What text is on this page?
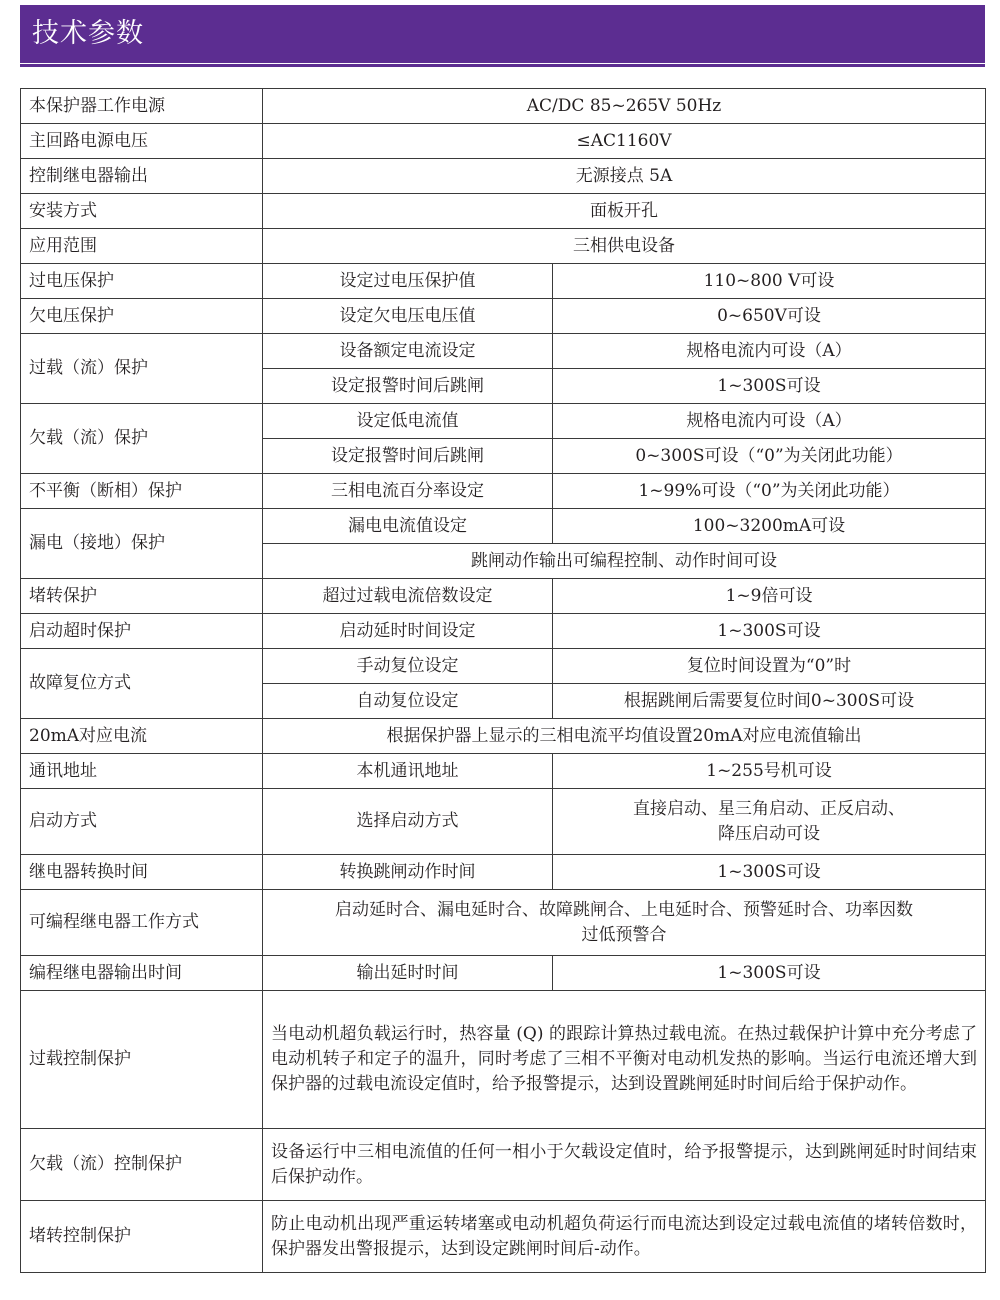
技术参数
本保护器工作电源	AC/DC 85~265V 50Hz	
主回路电源电压	≤AC1160V	
控制继电器输出	无源接点 5A	
安装方式	面板开孔	
应用范围	三相供电设备	
过电压保护	设定过电压保护值	110~800 V可设
欠电压保护	设定欠电压电压值	0~650V可设
过载（流）保护	设备额定电流设定	规格电流内可设（A）
	设定报警时间后跳闸	1~300S可设
欠载（流）保护	设定低电流值	规格电流内可设（A）
	设定报警时间后跳闸	0~300S可设（“0”为关闭此功能）
不平衡（断相）保护	三相电流百分率设定	1~99%可设（“0”为关闭此功能）
漏电（接地）保护	漏电电流值设定	100~3200mA可设
	跳闸动作输出可编程控制、动作时间可设	
堵转保护	超过过载电流倍数设定	1~9倍可设
启动超时保护	启动延时时间设定	1~300S可设
故障复位方式	手动复位设定	复位时间设置为“0”时
	自动复位设定	根据跳闸后需要复位时间0~300S可设
20mA对应电流	根据保护器上显示的三相电流平均值设置20mA对应电流值输出	
通讯地址	本机通讯地址	1~255号机可设
启动方式	选择启动方式	直接启动、星三角启动、正反启动、
降压启动可设

继电器转换时间	转换跳闸动作时间	1~300S可设
可编程继电器工作方式	启动延时合、漏电延时合、故障跳闸合、上电延时合、预警延时合、功率因数
过低预警合	

编程继电器输出时间	输出延时时间	1~300S可设
过载控制保护	当电动机超负载运行时，热容量 (Q) 的跟踪计算热过载电流。在热过载保护计算中充分考虑了电动机转子和定子的温升，同时考虑了三相不平衡对电动机发热的影响。当运行电流还增大到保护器的过载电流设定值时，给予报警提示，达到设置跳闸延时时间后给于保护动作。	
欠载（流）控制保护	设备运行中三相电流值的任何一相小于欠载设定值时，给予报警提示，达到跳闸延时时间结束后保护动作。	
堵转控制保护	防止电动机出现严重运转堵塞或电动机超负荷运行而电流达到设定过载电流值的堵转倍数时，保护器发出警报提示，达到设定跳闸时间后-动作。	
